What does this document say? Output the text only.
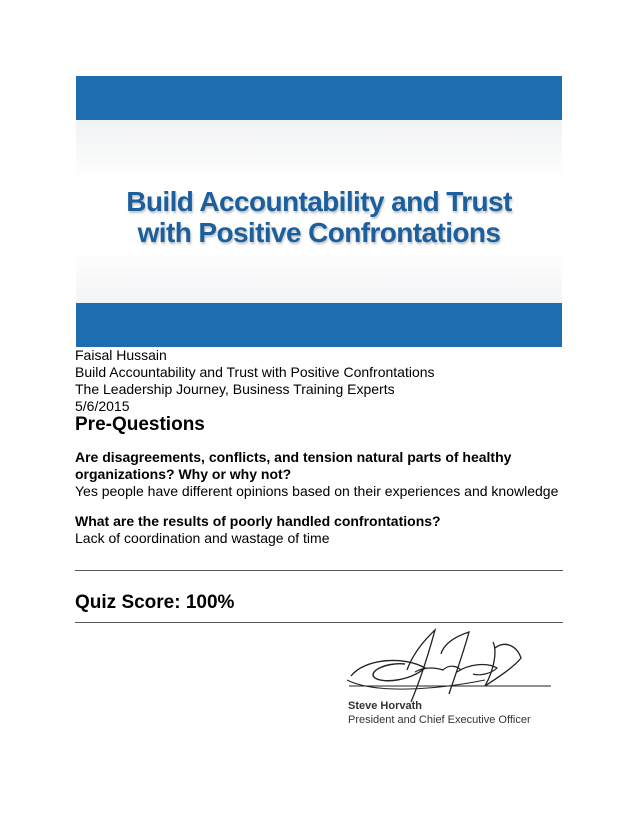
Build Accountability and Trust
with Positive Confrontations
Faisal Hussain
Build Accountability and Trust with Positive Confrontations
The Leadership Journey, Business Training Experts
5/6/2015
Pre-Questions
Are disagreements, conflicts, and tension natural parts of healthy
organizations? Why or why not?
Yes people have different opinions based on their experiences and knowledge
What are the results of poorly handled confrontations?
Lack of coordination and wastage of time
Quiz Score: 100%
Steve Horvath
President and Chief Executive Officer
